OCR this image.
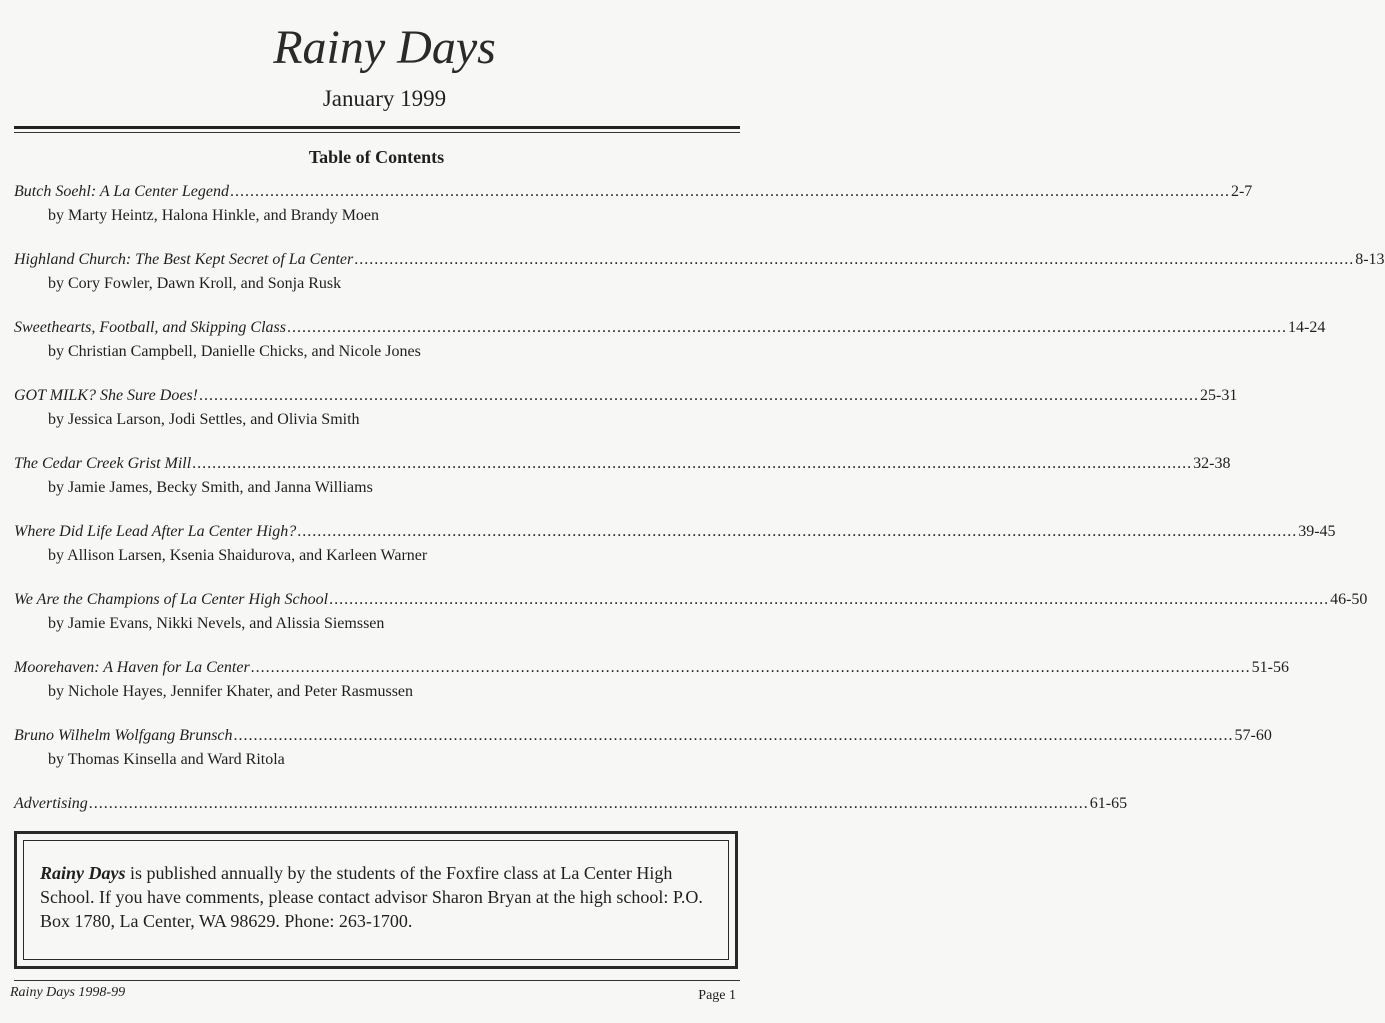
Rainy Days
January 1999
Table of Contents
Butch Soehl: A La Center Legend ........................................................................................................................................................................................................ 2-7
by Marty Heintz, Halona Hinkle, and Brandy Moen
Highland Church: The Best Kept Secret of La Center ........................................................................................................................................................................................................ 8-13
by Cory Fowler, Dawn Kroll, and Sonja Rusk
Sweethearts, Football, and Skipping Class ........................................................................................................................................................................................................ 14-24
by Christian Campbell, Danielle Chicks, and Nicole Jones
GOT MILK? She Sure Does! ........................................................................................................................................................................................................ 25-31
by Jessica Larson, Jodi Settles, and Olivia Smith
The Cedar Creek Grist Mill ........................................................................................................................................................................................................ 32-38
by Jamie James, Becky Smith, and Janna Williams
Where Did Life Lead After La Center High? ........................................................................................................................................................................................................ 39-45
by Allison Larsen, Ksenia Shaidurova, and Karleen Warner
We Are the Champions of La Center High School ........................................................................................................................................................................................................ 46-50
by Jamie Evans, Nikki Nevels, and Alissia Siemssen
Moorehaven: A Haven for La Center ........................................................................................................................................................................................................ 51-56
by Nichole Hayes, Jennifer Khater, and Peter Rasmussen
Bruno Wilhelm Wolfgang Brunsch ........................................................................................................................................................................................................ 57-60
by Thomas Kinsella and Ward Ritola
Advertising ........................................................................................................................................................................................................ 61-65
Rainy Days is published annually by the students of the Foxfire class at La Center High School. If you have comments, please contact advisor Sharon Bryan at the high school: P.O. Box 1780, La Center, WA 98629. Phone: 263-1700.
Rainy Days 1998-99	Page 1
